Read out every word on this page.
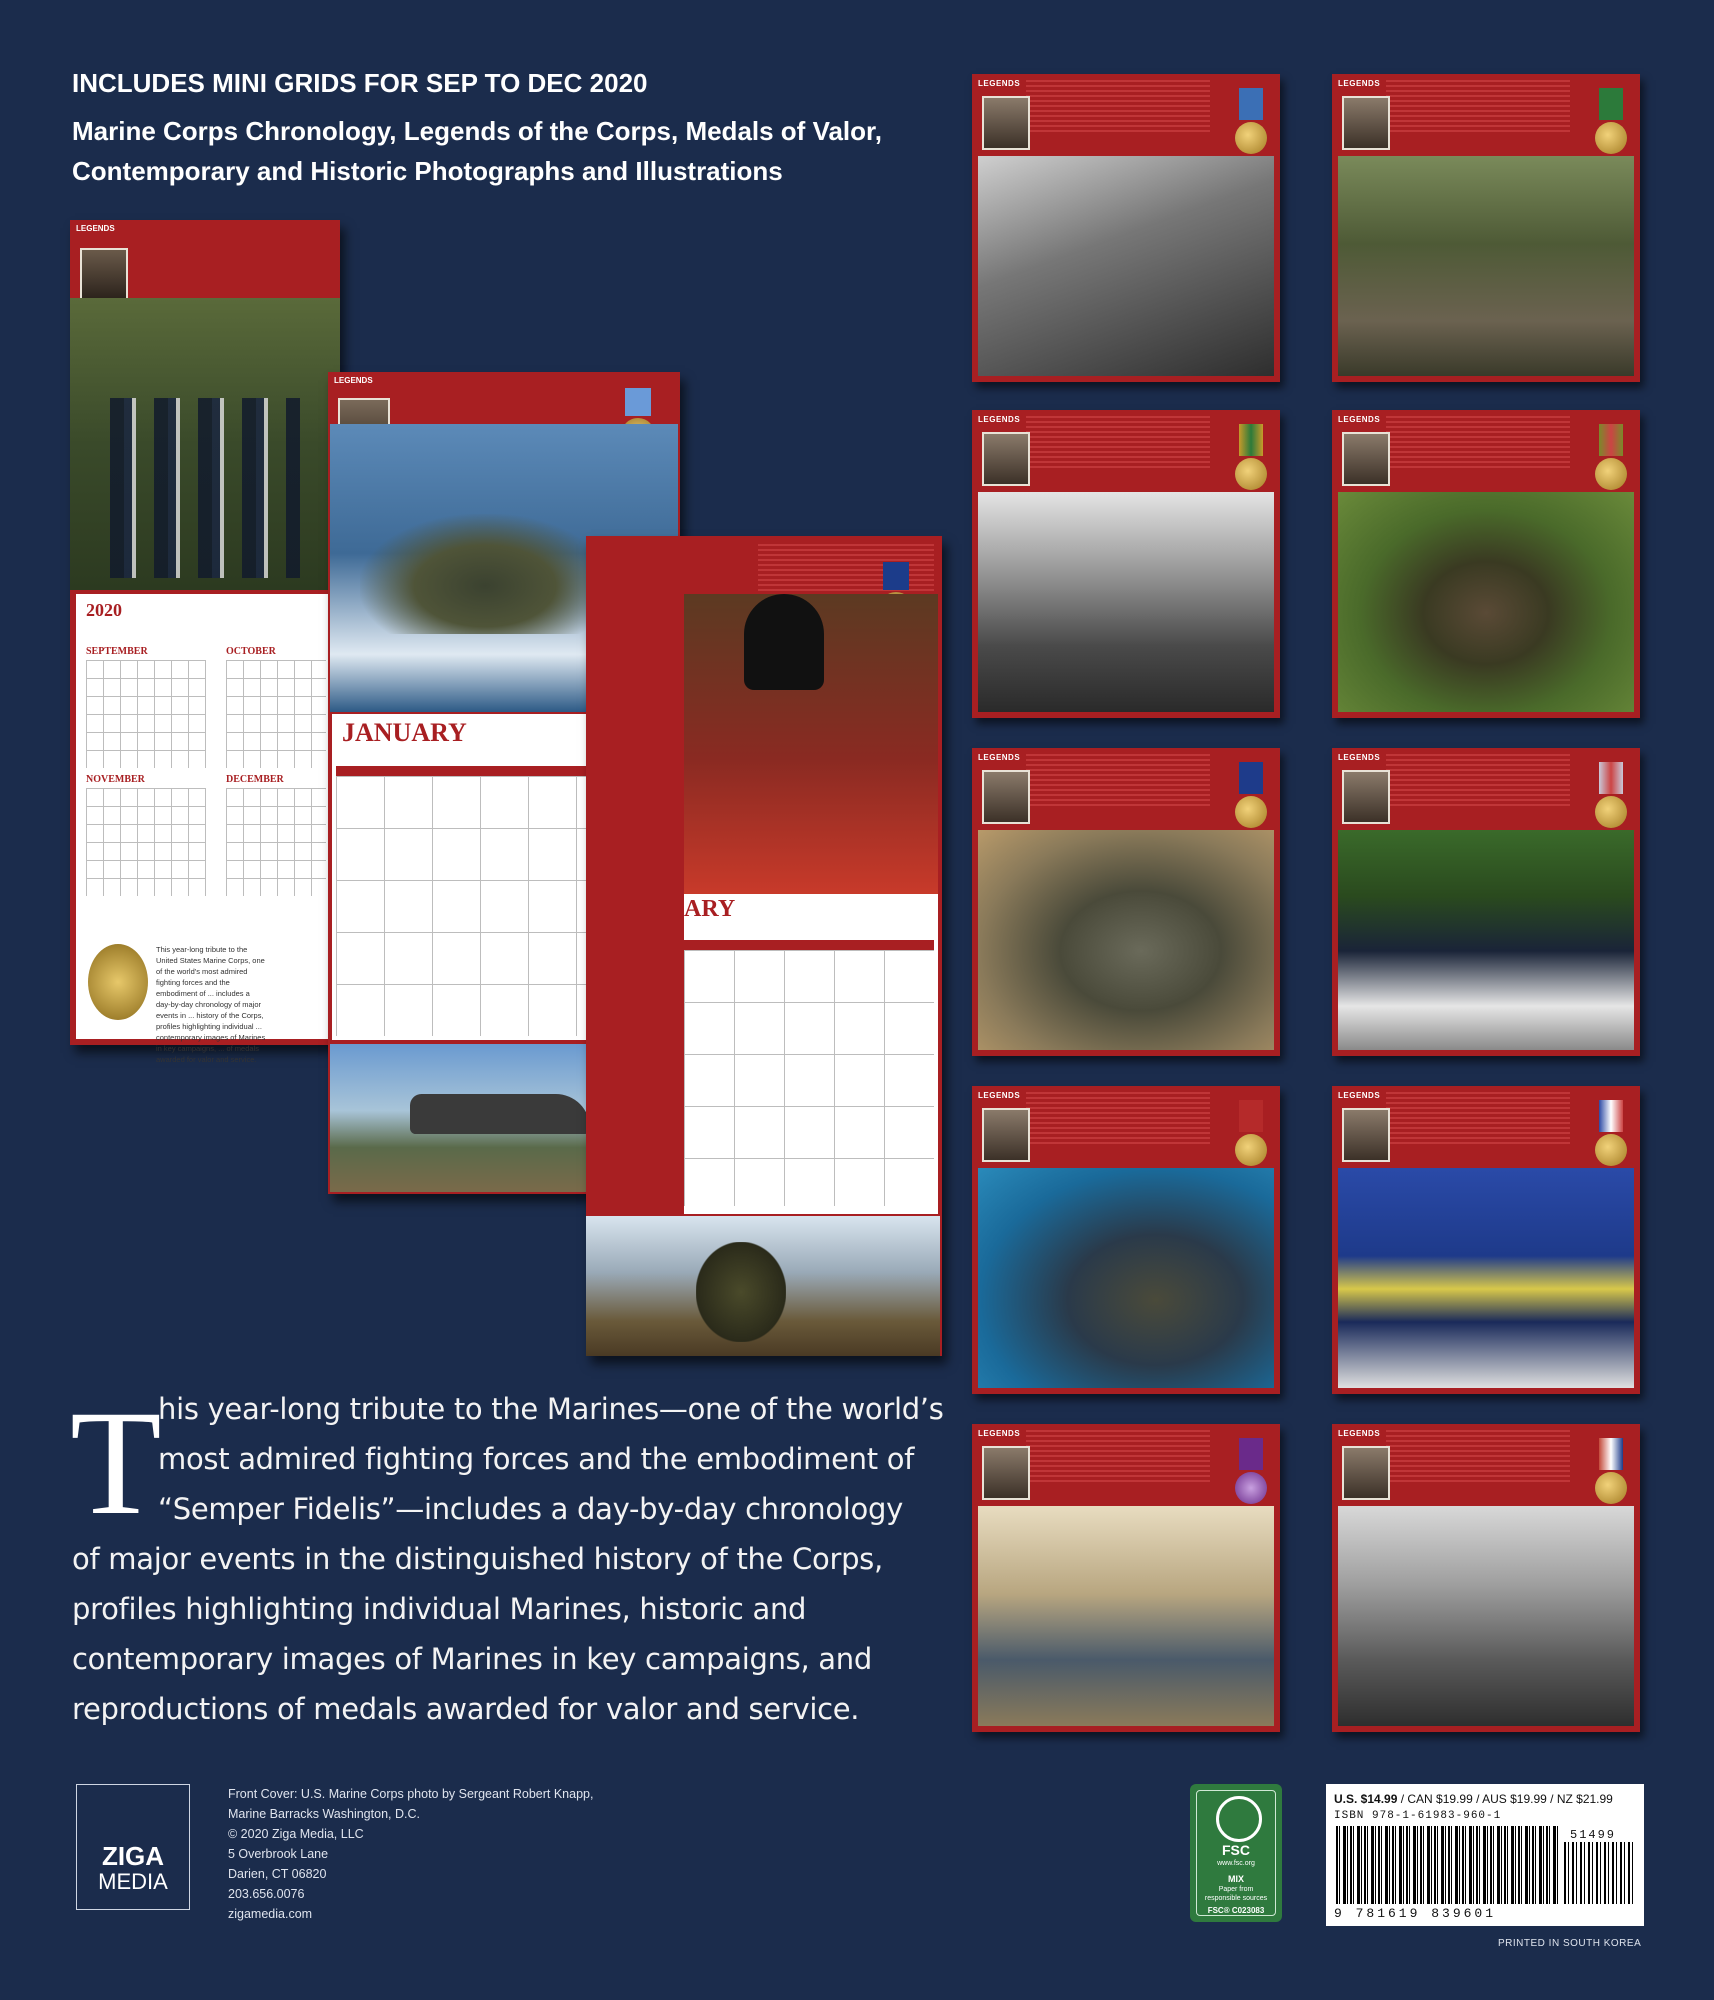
INCLUDES MINI GRIDS FOR SEP TO DEC 2020
Marine Corps Chronology, Legends of the Corps, Medals of Valor,
Contemporary and Historic Photographs and Illustrations
LEGENDS
2020
SEPTEMBER	OCTOBER
NOVEMBER	DECEMBER
This year-long tribute to the United States Marine Corps, one of the world's most admired fighting forces and the embodiment of ... includes a day-by-day chronology of major events in ... history of the Corps, profiles highlighting individual ... contemporary images of Marines in key campaigns, ... of medals awarded for valor and service.
LEGENDS
JANUARY
ARY
LEGENDS	LEGENDS
LEGENDS	LEGENDS
LEGENDS	LEGENDS
LEGENDS	LEGENDS
LEGENDS	LEGENDS
T
his year-long tribute to the Marines—one of the world’s
most admired fighting forces and the embodiment of
“Semper Fidelis”—includes a day-by-day chronology
of major events in the distinguished history of the Corps,
profiles highlighting individual Marines, historic and
contemporary images of Marines in key campaigns, and
reproductions of medals awarded for valor and service.
ZIGA
MEDIA
Front Cover: U.S. Marine Corps photo by Sergeant Robert Knapp,
Marine Barracks Washington, D.C.
© 2020 Ziga Media, LLC
5 Overbrook Lane
Darien, CT 06820
203.656.0076
zigamedia.com
FSC
www.fsc.org
MIX
Paper from
responsible sources
FSC® C023083
U.S. $14.99 / CAN $19.99 / AUS $19.99 / NZ $21.99
ISBN 978-1-61983-960-1
51499
9 781619 839601
PRINTED IN SOUTH KOREA
